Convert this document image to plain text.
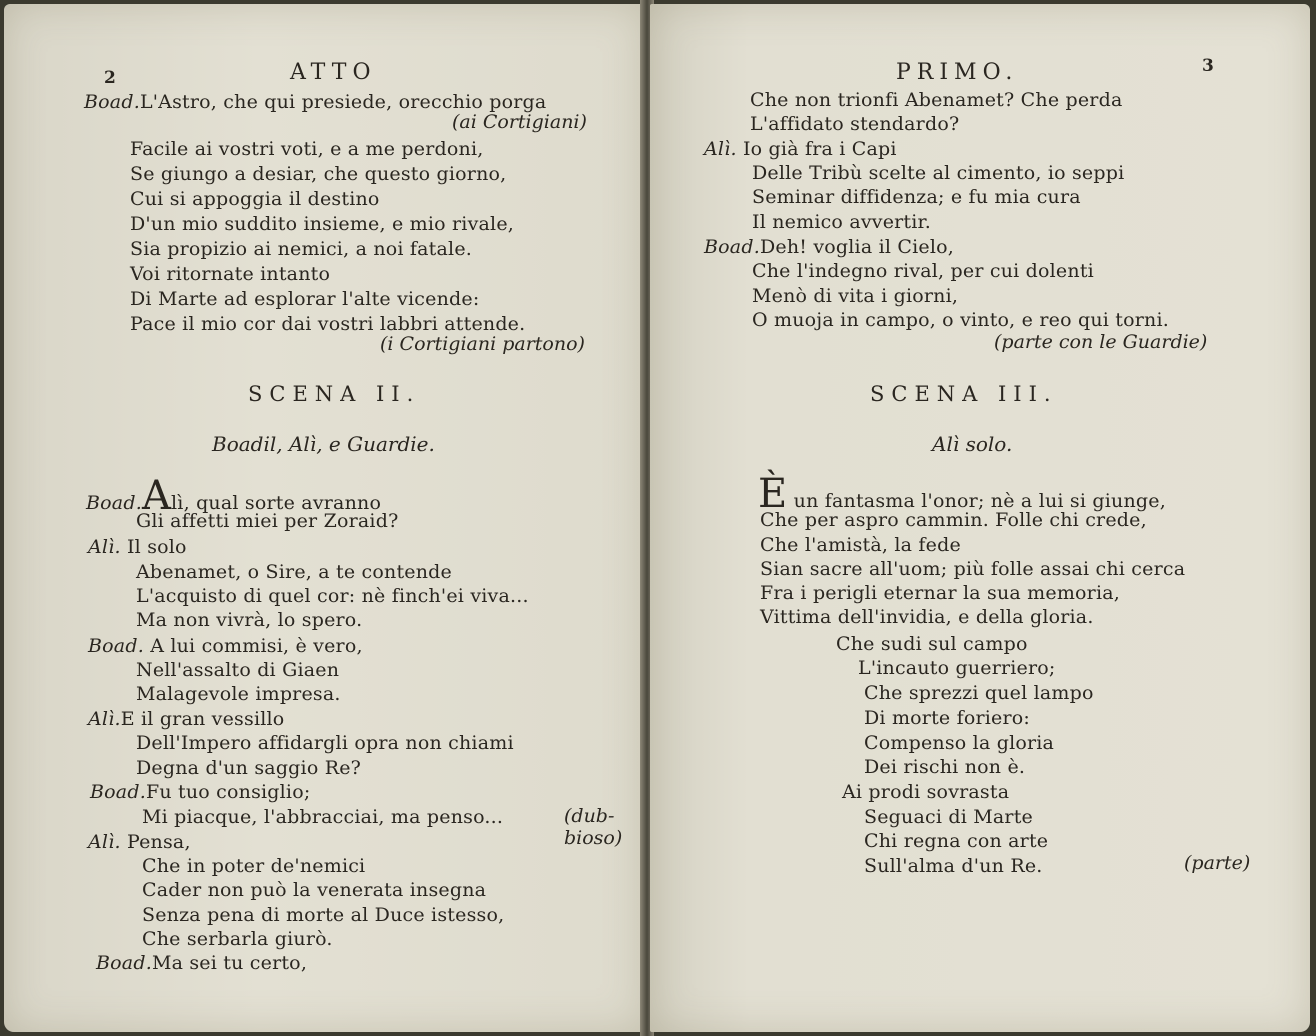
2	ATTO
Boad.L'Astro, che qui presiede, orecchio porga
(ai Cortigiani)
Facile ai vostri voti, e a me perdoni,
Se giungo a desiar, che questo giorno,
Cui si appoggia il destino
D'un mio suddito insieme, e mio rivale,
Sia propizio ai nemici, a noi fatale.
Voi ritornate intanto
Di Marte ad esplorar l'alte vicende:
Pace il mio cor dai vostri labbri attende.
(i Cortigiani partono)
SCENA II.
Boadil, Alì, e Guardie.
Boad.Alì, qual sorte avranno
Gli affetti miei per Zoraid?
Alì. Il solo
Abenamet, o Sire, a te contende
L'acquisto di quel cor: nè finch'ei viva...
Ma non vivrà, lo spero.
Boad. A lui commisi, è vero,
Nell'assalto di Giaen
Malagevole impresa.
Alì.E il gran vessillo
Dell'Impero affidargli opra non chiami
Degna d'un saggio Re?
Boad.Fu tuo consiglio;
Mi piacque, l'abbracciai, ma penso...	(dub-
Alì. Pensa,	bioso)
Che in poter de'nemici
Cader non può la venerata insegna
Senza pena di morte al Duce istesso,
Che serbarla giurò.
Boad.Ma sei tu certo,
PRIMO.	3
Che non trionfi Abenamet? Che perda
L'affidato stendardo?
Alì. Io già fra i Capi
Delle Tribù scelte al cimento, io seppi
Seminar diffidenza; e fu mia cura
Il nemico avvertir.
Boad.Deh! voglia il Cielo,
Che l'indegno rival, per cui dolenti
Menò di vita i giorni,
O muoja in campo, o vinto, e reo qui torni.
(parte con le Guardie)
SCENA III.
Alì solo.
È un fantasma l'onor; nè a lui si giunge,
Che per aspro cammin. Folle chi crede,
Che l'amistà, la fede
Sian sacre all'uom; più folle assai chi cerca
Fra i perigli eternar la sua memoria,
Vittima dell'invidia, e della gloria.
Che sudi sul campo
L'incauto guerriero;
Che sprezzi quel lampo
Di morte foriero:
Compenso la gloria
Dei rischi non è.
Ai prodi sovrasta
Seguaci di Marte
Chi regna con arte
Sull'alma d'un Re.	(parte)
